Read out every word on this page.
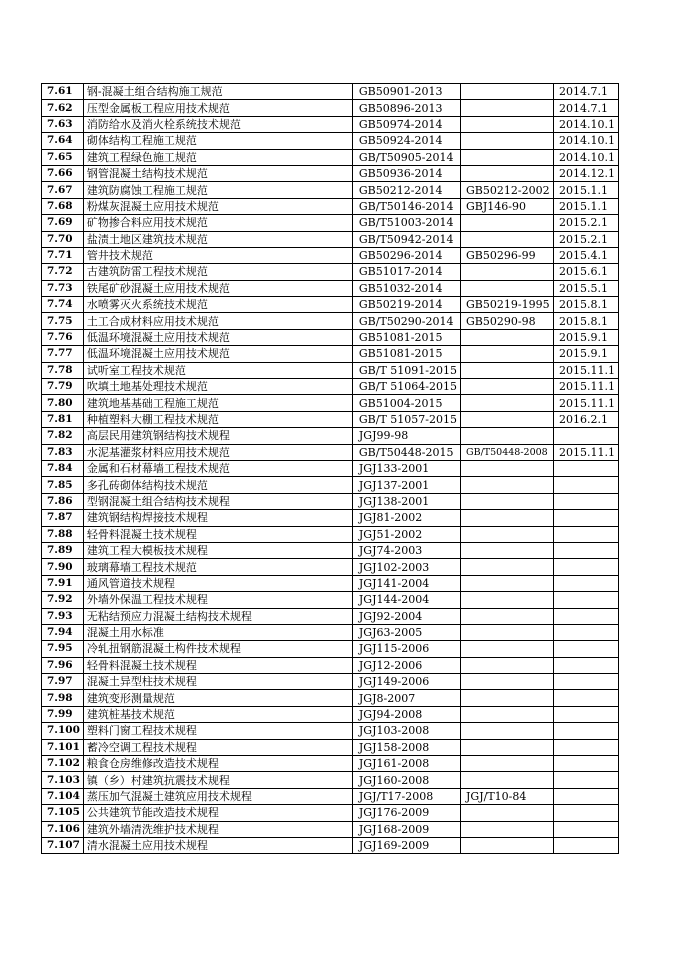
7.61	钢-混凝土组合结构施工规范	GB50901-2013		2014.7.1
7.62	压型金属板工程应用技术规范	GB50896-2013		2014.7.1
7.63	消防给水及消火栓系统技术规范	GB50974-2014		2014.10.1
7.64	砌体结构工程施工规范	GB50924-2014		2014.10.1
7.65	建筑工程绿色施工规范	GB/T50905-2014		2014.10.1
7.66	钢管混凝土结构技术规范	GB50936-2014		2014.12.1
7.67	建筑防腐蚀工程施工规范	GB50212-2014	GB50212-2002	2015.1.1
7.68	粉煤灰混凝土应用技术规范	GB/T50146-2014	GBJ146-90	2015.1.1
7.69	矿物掺合料应用技术规范	GB/T51003-2014		2015.2.1
7.70	盐渍土地区建筑技术规范	GB/T50942-2014		2015.2.1
7.71	管井技术规范	GB50296-2014	GB50296-99	2015.4.1
7.72	古建筑防雷工程技术规范	GB51017-2014		2015.6.1
7.73	铁尾矿砂混凝土应用技术规范	GB51032-2014		2015.5.1
7.74	水喷雾灭火系统技术规范	GB50219-2014	GB50219-1995	2015.8.1
7.75	土工合成材料应用技术规范	GB/T50290-2014	GB50290-98	2015.8.1
7.76	低温环境混凝土应用技术规范	GB51081-2015		2015.9.1
7.77	低温环境混凝土应用技术规范	GB51081-2015		2015.9.1
7.78	试听室工程技术规范	GB/T 51091-2015		2015.11.1
7.79	吹填土地基处理技术规范	GB/T 51064-2015		2015.11.1
7.80	建筑地基基础工程施工规范	GB51004-2015		2015.11.1
7.81	种植塑料大棚工程技术规范	GB/T 51057-2015		2016.2.1
7.82	高层民用建筑钢结构技术规程	JGJ99-98		
7.83	水泥基灌浆材料应用技术规范	GB/T50448-2015	GB/T50448-2008	2015.11.1
7.84	金属和石材幕墙工程技术规范	JGJ133-2001		
7.85	多孔砖砌体结构技术规范	JGJ137-2001		
7.86	型钢混凝土组合结构技术规程	JGJ138-2001		
7.87	建筑钢结构焊接技术规程	JGJ81-2002		
7.88	轻骨料混凝土技术规程	JGJ51-2002		
7.89	建筑工程大模板技术规程	JGJ74-2003		
7.90	玻璃幕墙工程技术规范	JGJ102-2003		
7.91	通风管道技术规程	JGJ141-2004		
7.92	外墙外保温工程技术规程	JGJ144-2004		
7.93	无粘结预应力混凝土结构技术规程	JGJ92-2004		
7.94	混凝土用水标准	JGJ63-2005		
7.95	冷轧扭钢筋混凝土构件技术规程	JGJ115-2006		
7.96	轻骨料混凝土技术规程	JGJ12-2006		
7.97	混凝土异型柱技术规程	JGJ149-2006		
7.98	建筑变形测量规范	JGJ8-2007		
7.99	建筑桩基技术规范	JGJ94-2008		
7.100	塑料门窗工程技术规程	JGJ103-2008		
7.101	蓄冷空调工程技术规程	JGJ158-2008		
7.102	粮食仓房维修改造技术规程	JGJ161-2008		
7.103	镇（乡）村建筑抗震技术规程	JGJ160-2008		
7.104	蒸压加气混凝土建筑应用技术规程	JGJ/T17-2008	JGJ/T10-84	
7.105	公共建筑节能改造技术规程	JGJ176-2009		
7.106	建筑外墙清洗维护技术规程	JGJ168-2009		
7.107	清水混凝土应用技术规程	JGJ169-2009		
